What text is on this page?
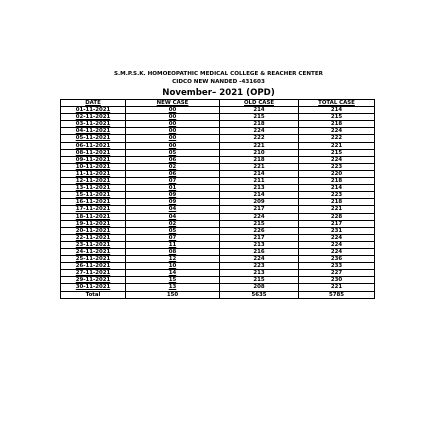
S.M.P.S.K. HOMOEOPATHIC MEDICAL COLLEGE & REACHER CENTER
CIDCO NEW NANDED -431603
November– 2021 (OPD)
DATE	NEW CASE	OLD CASE	TOTAL CASE
01-11-2021	00	214	214
02-11-2021	00	215	215
03-11-2021	00	218	218
04-11-2021	00	224	224
05-11-2021	00	222	222
06-11-2021	00	221	221
08-11-2021	05	210	215
09-11-2021	06	218	224
10-11-2021	02	221	223
11-11-2021	06	214	220
12-11-2021	07	211	218
13-11-2021	01	213	214
15-11-2021	09	214	223
16-11-2021	09	209	218
17-11-2021	04	217	221
18-11-2021	04	224	228
19-11-2021	02	215	217
20-11-2021	05	226	231
22-11-2021	07	217	224
23-11-2021	11	213	224
24-11-2021	08	216	224
25-11-2021	12	224	236
26-11-2021	10	223	233
27-11-2021	14	213	227
29-11-2021	15	215	230
30-11-2021	13	208	221
Total	150	5635	5785
